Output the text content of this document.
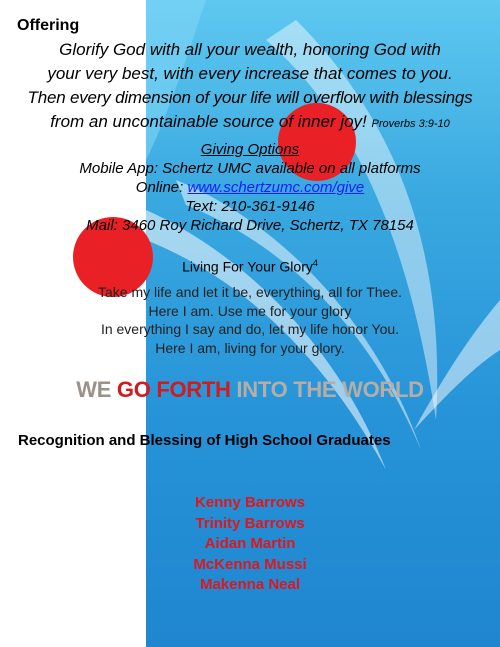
Offering
Glorify God with all your wealth, honoring God with
your very best, with every increase that comes to you.
Then every dimension of your life will overflow with blessings
from an uncontainable source of inner joy! Proverbs 3:9-10
Giving Options
Mobile App: Schertz UMC available on all platforms
Online: www.schertzumc.com/give
Text: 210-361-9146
Mail: 3460 Roy Richard Drive, Schertz, TX 78154
Living For Your Glory$^4$
Take my life and let it be, everything, all for Thee.
Here I am. Use me for your glory
In everything I say and do, let my life honor You.
Here I am, living for your glory.
WE GO FORTH INTO THE WORLD
Recognition and Blessing of High School Graduates
Kenny Barrows
Trinity Barrows
Aidan Martin
McKenna Mussi
Makenna Neal
